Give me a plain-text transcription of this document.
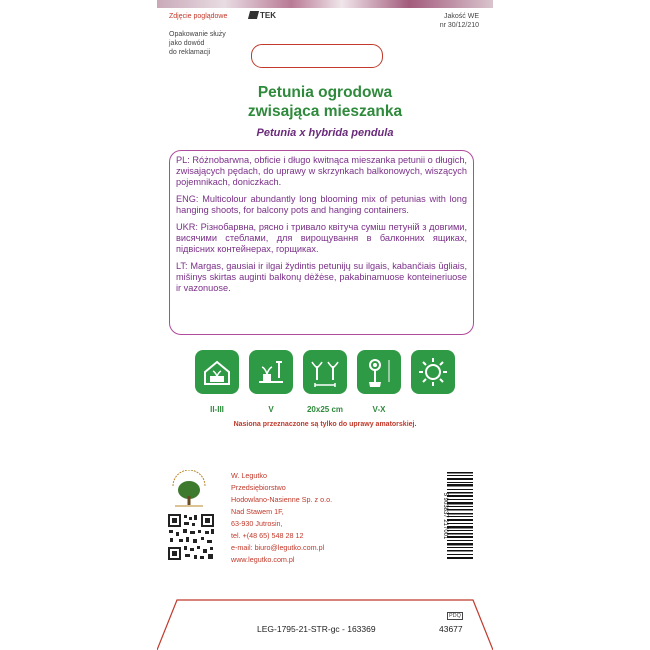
Zdjęcie poglądowe	TEK	Jakość WE
nr 30/12/210
Opakowanie służy
jako dowód
do reklamacji
Petunia ogrodowa
zwisająca mieszanka
Petunia x hybrida pendula

PL: Różnobarwna, obficie i długo kwitnąca mieszanka petunii o długich, zwisających pędach, do uprawy w skrzynkach balkonowych, wiszących pojemnikach, doniczkach.

ENG: Multicolour abundantly long blooming mix of petunias with long hanging shoots, for balcony pots and hanging containers.

UKR: Різнобарвна, рясно і тривало квітуча суміш петуній з довгими, висячими стеблами, для вирощування в балконних ящиках, підвісних контейнерах, горщиках.

LT: Margas, gausiai ir ilgai žydintis petunijų su ilgais, kabančiais ūgliais, mišinys skirtas auginti balkonų dėžėse, pakabinamuose konteineriuose ir vazonuose.

II-III	V	20x25 cm	V-X
Nasiona przeznaczone są tylko do uprawy amatorskiej.
W. Legutko
Przedsiębiorstwo
Hodowlano-Nasienne Sp. z o.o.
Nad Stawem 1F,
63-930 Jutrosin,
tel. +(48 65) 548 28 12
e-mail: biuro@legutko.com.pl
www.legutko.com.pl
5 903837 217001
PDQ
LEG-1795-21-STR-gc - 163369	43677
